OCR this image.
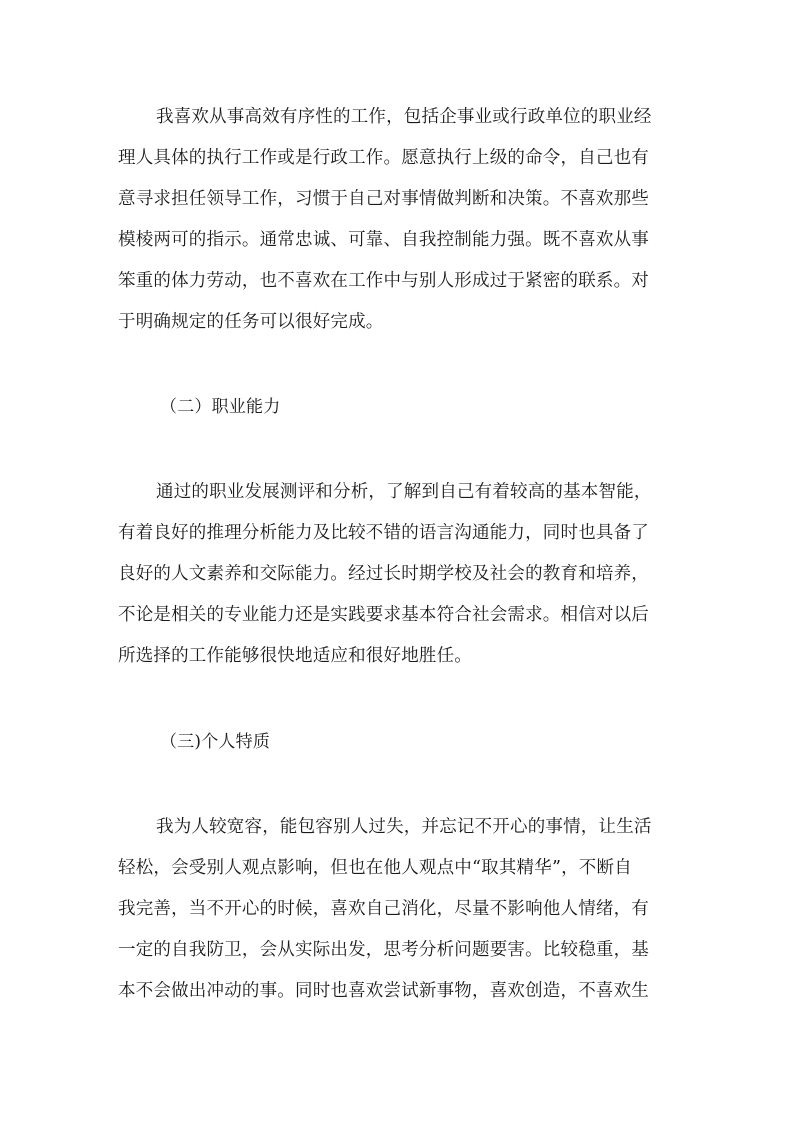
我喜欢从事高效有序性的工作，包括企事业或行政单位的职业经
理人具体的执行工作或是行政工作。愿意执行上级的命令，自己也有
意寻求担任领导工作，习惯于自己对事情做判断和决策。不喜欢那些
模棱两可的指示。通常忠诚、可靠、自我控制能力强。既不喜欢从事
笨重的体力劳动，也不喜欢在工作中与别人形成过于紧密的联系。对
于明确规定的任务可以很好完成。
（二）职业能力
通过的职业发展测评和分析，了解到自己有着较高的基本智能，
有着良好的推理分析能力及比较不错的语言沟通能力，同时也具备了
良好的人文素养和交际能力。经过长时期学校及社会的教育和培养，
不论是相关的专业能力还是实践要求基本符合社会需求。相信对以后
所选择的工作能够很快地适应和很好地胜任。
（三)个人特质
我为人较宽容，能包容别人过失，并忘记不开心的事情，让生活
轻松，会受别人观点影响，但也在他人观点中“取其精华”，不断自
我完善，当不开心的时候，喜欢自己消化，尽量不影响他人情绪，有
一定的自我防卫，会从实际出发，思考分析问题要害。比较稳重，基
本不会做出冲动的事。同时也喜欢尝试新事物，喜欢创造，不喜欢生
